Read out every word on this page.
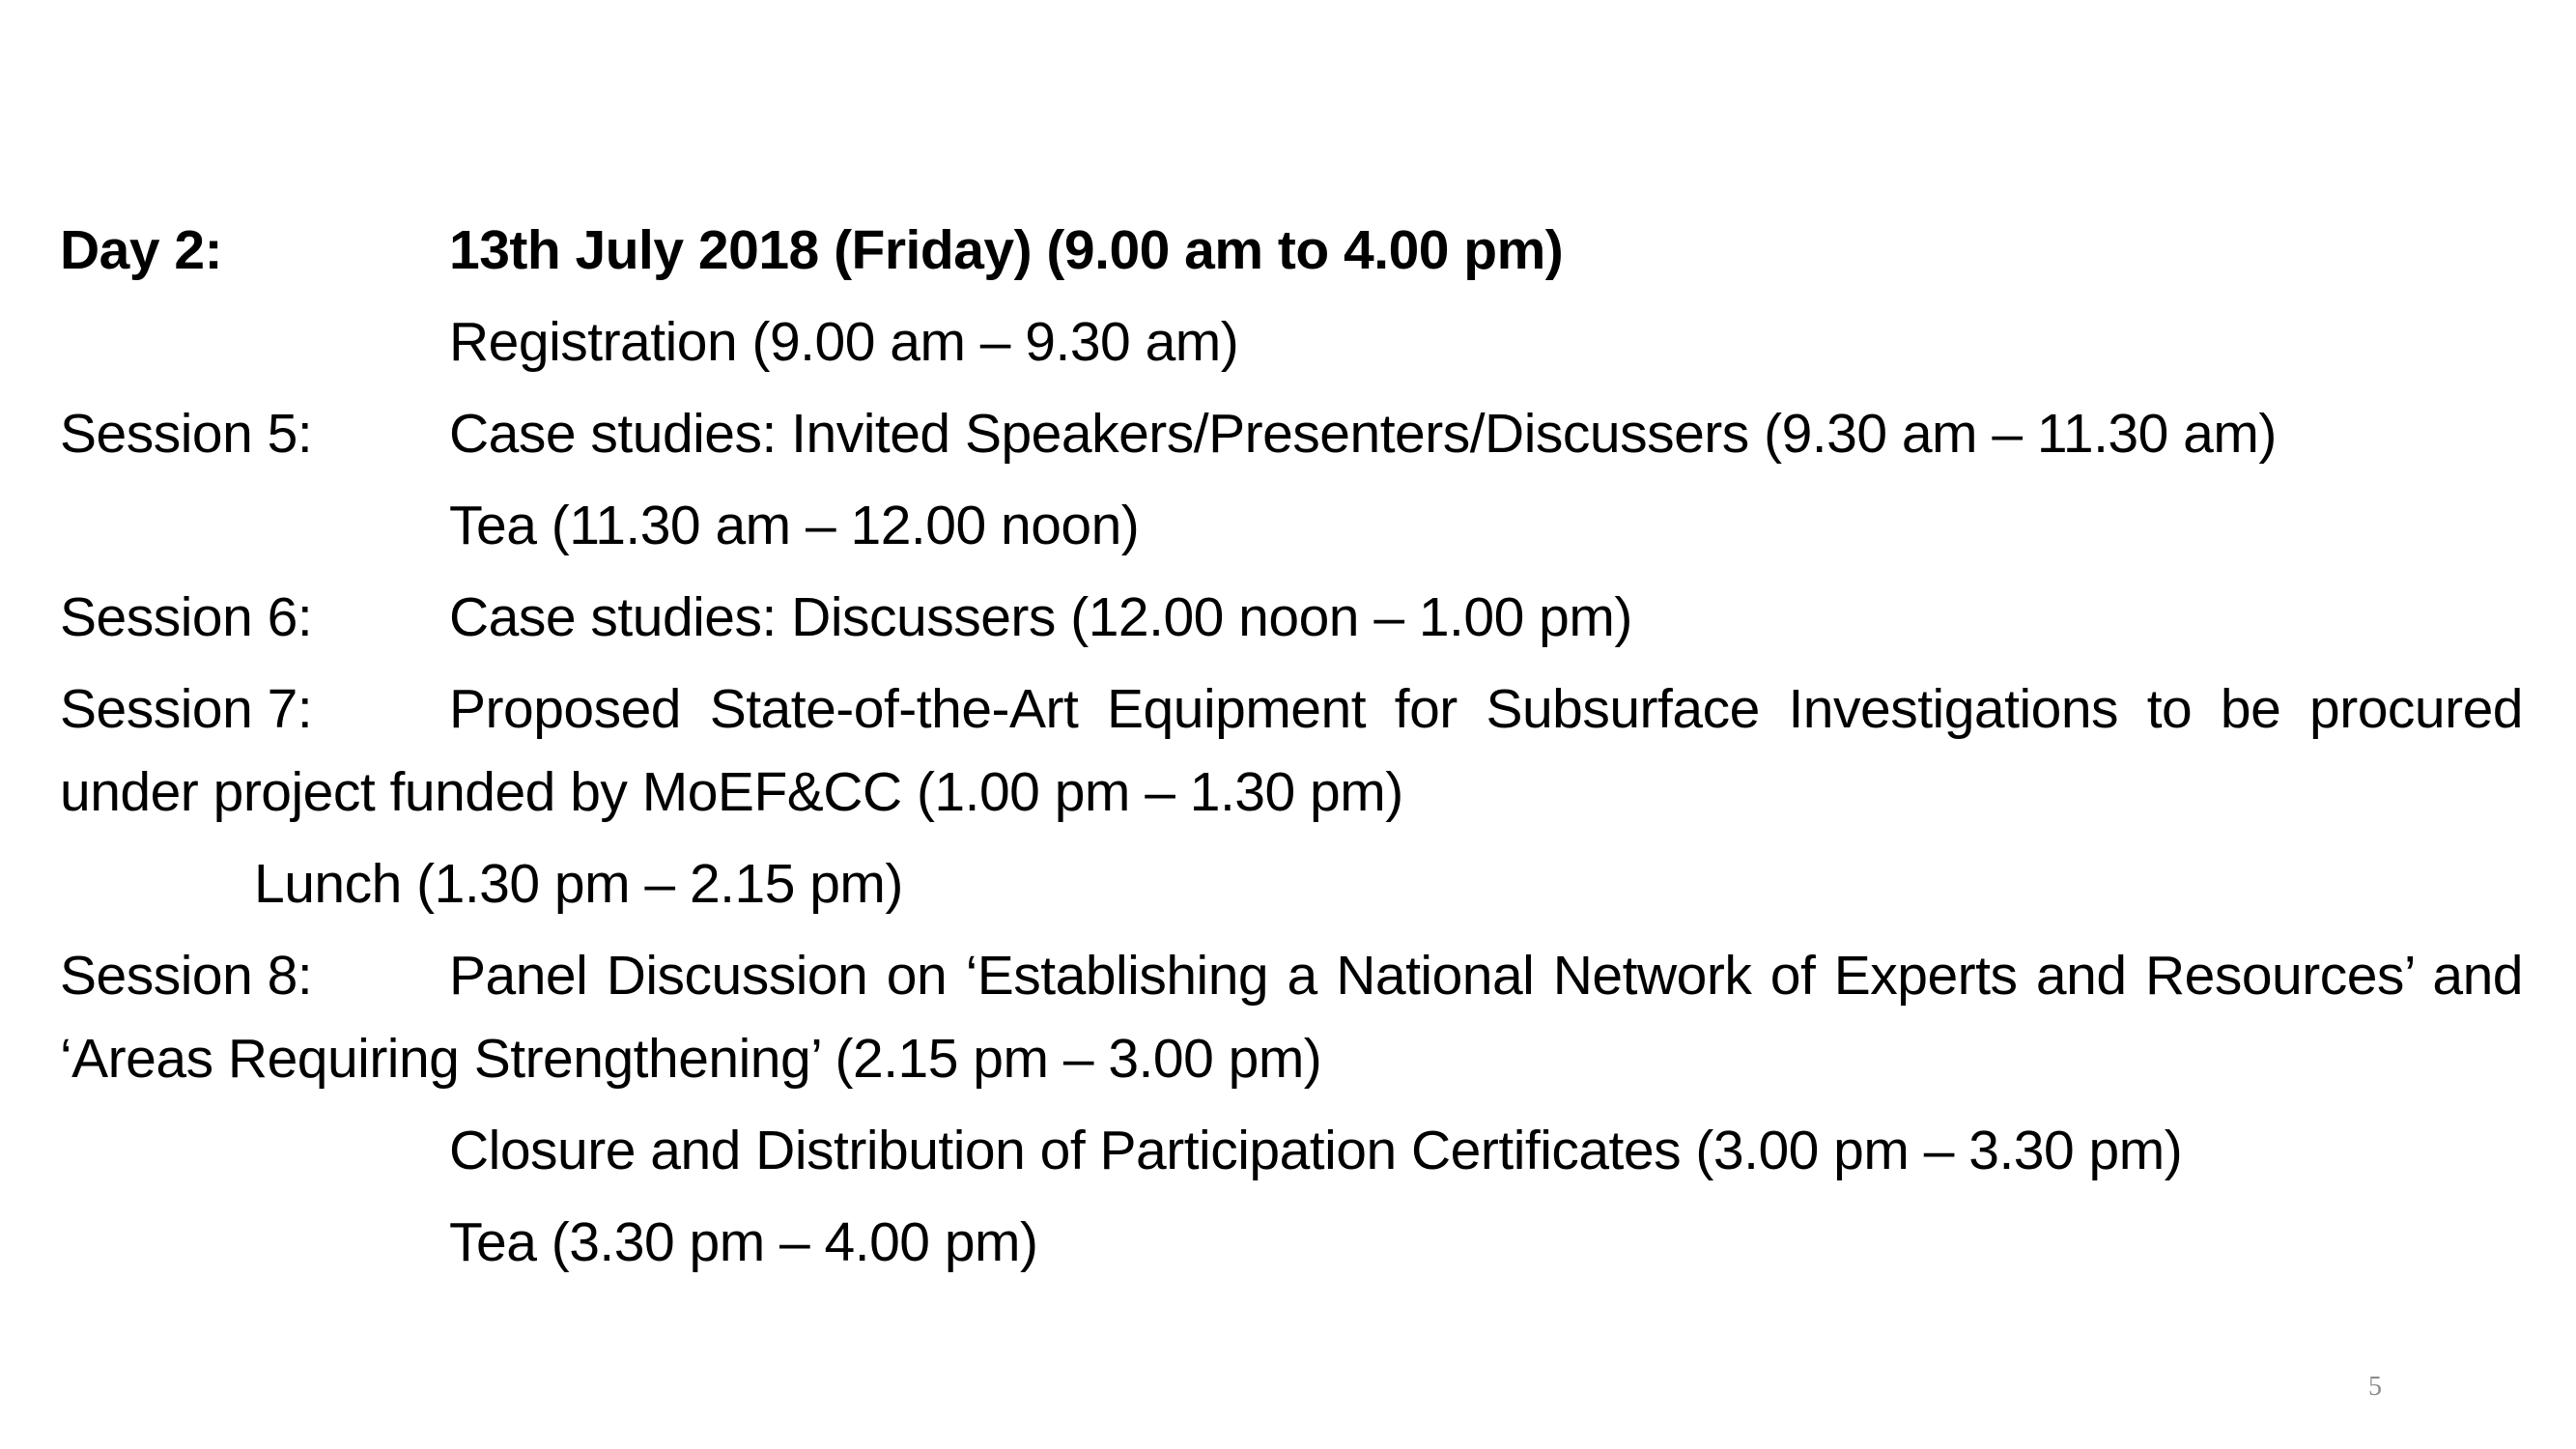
Day 2:	13th July 2018 (Friday) (9.00 am to 4.00 pm)
Registration (9.00 am – 9.30 am)
Session 5:	Case studies: Invited Speakers/Presenters/Discussers (9.30 am – 11.30 am)
Tea (11.30 am – 12.00 noon)
Session 6:	Case studies: Discussers (12.00 noon – 1.00 pm)
Session 7: Proposed State-of-the-Art Equipment for Subsurface Investigations to be procured under project funded by MoEF&CC (1.00 pm – 1.30 pm)
Lunch (1.30 pm – 2.15 pm)
Session 8: Panel Discussion on ‘Establishing a National Network of Experts and Resources’ and ‘Areas Requiring Strengthening’ (2.15 pm – 3.00 pm)
Closure and Distribution of Participation Certificates (3.00 pm – 3.30 pm)
Tea (3.30 pm – 4.00 pm)
5
